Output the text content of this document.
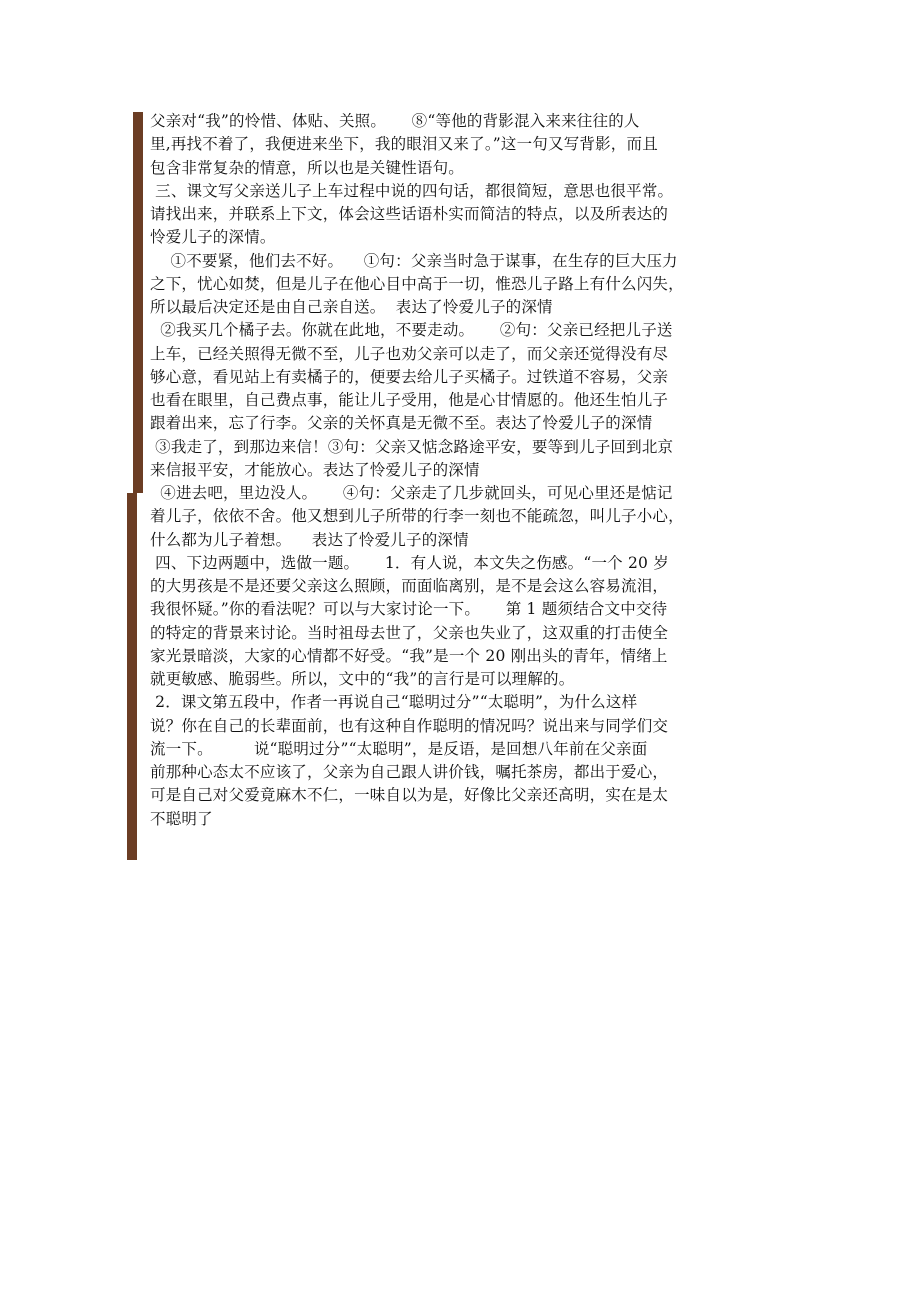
父亲对“我”的怜惜、体贴、关照。     ⑧“等他的背影混入来来往往的人
里,再找不着了，我便进来坐下，我的眼泪又来了。”这一句又写背影，而且
包含非常复杂的情意，所以也是关键性语句。
三、课文写父亲送儿子上车过程中说的四句话，都很简短，意思也很平常。
请找出来，并联系上下文，体会这些话语朴实而简洁的特点，以及所表达的
怜爱儿子的深情。
①不要紧，他们去不好。    ①句：父亲当时急于谋事，在生存的巨大压力
之下，忧心如焚，但是儿子在他心目中高于一切，惟恐儿子路上有什么闪失，
所以最后决定还是由自己亲自送。  表达了怜爱儿子的深情
②我买几个橘子去。你就在此地，不要走动。     ②句：父亲已经把儿子送
上车，已经关照得无微不至，儿子也劝父亲可以走了，而父亲还觉得没有尽
够心意，看见站上有卖橘子的，便要去给儿子买橘子。过铁道不容易，父亲
也看在眼里，自己费点事，能让儿子受用，他是心甘情愿的。他还生怕儿子
跟着出来，忘了行李。父亲的关怀真是无微不至。表达了怜爱儿子的深情
③我走了，到那边来信！③句：父亲又惦念路途平安，要等到儿子回到北京
来信报平安，才能放心。表达了怜爱儿子的深情
④进去吧，里边没人。     ④句：父亲走了几步就回头，可见心里还是惦记
着儿子，依依不舍。他又想到儿子所带的行李一刻也不能疏忽，叫儿子小心，
什么都为儿子着想。    表达了怜爱儿子的深情
四、下边两题中，选做一题。     1．有人说，本文失之伤感。“一个 20 岁
的大男孩是不是还要父亲这么照顾，而面临离别，是不是会这么容易流泪，
我很怀疑。”你的看法呢？可以与大家讨论一下。     第 1 题须结合文中交待
的特定的背景来讨论。当时祖母去世了，父亲也失业了，这双重的打击使全
家光景暗淡，大家的心情都不好受。“我”是一个 20 刚出头的青年，情绪上
就更敏感、脆弱些。所以，文中的“我”的言行是可以理解的。
2．课文第五段中，作者一再说自己“聪明过分”“太聪明”，为什么这样
说？你在自己的长辈面前，也有这种自作聪明的情况吗？说出来与同学们交
流一下。        说“聪明过分”“太聪明”，是反语，是回想八年前在父亲面
前那种心态太不应该了，父亲为自己跟人讲价钱，嘱托茶房，都出于爱心，
可是自己对父爱竟麻木不仁，一味自以为是，好像比父亲还高明，实在是太
不聪明了
